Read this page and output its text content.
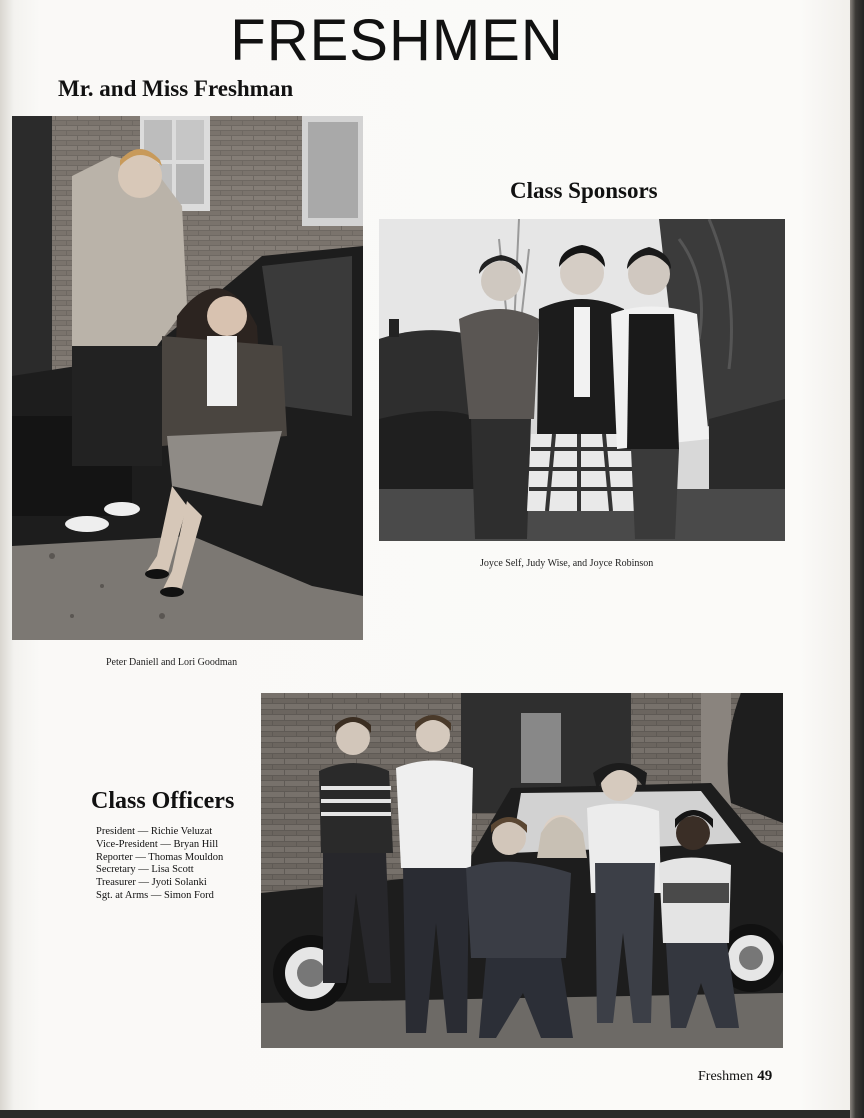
FRESHMEN
Mr. and Miss Freshman
Peter Daniell and Lori Goodman
Class Sponsors
Joyce Self, Judy Wise, and Joyce Robinson
Class Officers
President — Richie Veluzat
Vice-President — Bryan Hill
Reporter — Thomas Mouldon
Secretary — Lisa Scott
Treasurer — Jyoti Solanki
Sgt. at Arms — Simon Ford
Freshmen 49
